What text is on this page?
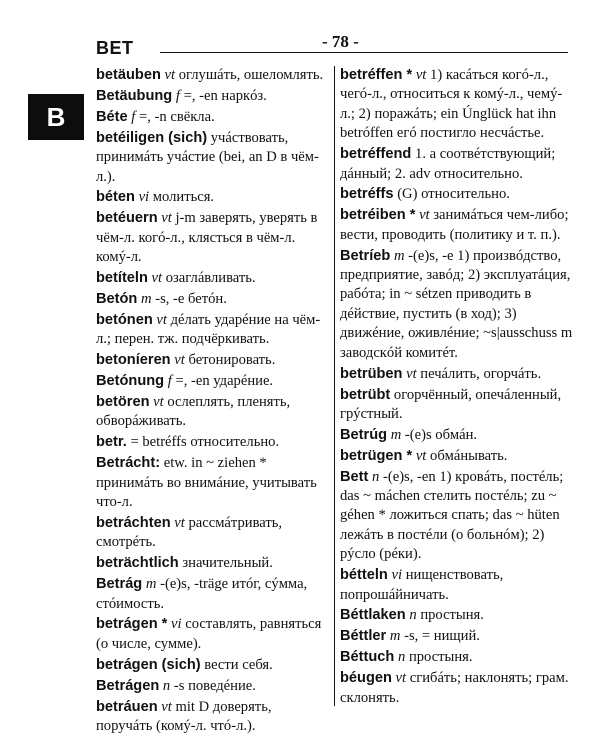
BET	- 78 -
B
betäuben vt оглушáть, ошеломлять.
Betäubung f =, -en наркóз.
Béte f =, -n свёкла.
betéiligen (sich) учáствовать, принимáть учáстие (bei, an D в чём-л.).
béten vi молиться.
betéuern vt j-m заверять, уверять в чём-л. когó-л., клясться в чём-л. комý-л.
betíteln vt озаглáвливать.
Betón m -s, -е бетóн.
betónen vt дéлать ударéние на чём-л.; перен. тж. подчёркивать.
betoníeren vt бетонировать.
Betónung f =, -en ударéние.
betören vt ослеплять, пленять, обвoрáживать.
betr. = betréffs относительно.
Betrácht: etw. in ~ ziehen * принимáть во внимáние, учитывать что-л.
betráchten vt рассмáтривать, смотрéть.
beträchtlich значительный.
Betrág m -(e)s, -träge итóг, сýмма, стóимость.
betrágen * vi составлять, равняться (о числе, сумме).
betrágen (sich) вести себя.
Betrágen n -s поведéние.
betráuen vt mit D доверять, поручáть (комý-л. чтó-л.).
betréffen * vt 1) касáться когó-л., чегó-л., относиться к комý-л., чемý-л.; 2) поражáть; ein Únglück hat ihn betróffen егó постиглo несчáстье.
betréffend 1. а соотвéтствующий; дáнный; 2. adv относительно.
betréffs (G) относительно.
betréiben * vt занимáться чем-либо; вести, проводить (политику и т. п.).
Betríeb m -(e)s, -е 1) произвóдство, предприятие, завóд; 2) эксплуатáция, рабóта; in ~ sétzen приводить в дéйствие, пустить (в ход); 3) движéние, оживлéние; ~s|ausschuss m заводскóй комитéт.
betrüben vt печáлить, огорчáть.
betrübt огорчённый, опечáленный, грýстный.
Betrúg m -(e)s обмáн.
betrügen * vt обмáнывать.
Bett n -(e)s, -en 1) кровáть, постéль; das ~ máchen стелить постéль; zu ~ géhen * ложиться спать; das ~ hüten лежáть в постéли (о больнóм); 2) рýсло (рéки).
bétteln vi нищенствовать, попрошáйничать.
Béttlaken n простыня.
Béttler m -s, = нищий.
Béttuch n простыня.
béugen vt сгибáть; наклонять; грам. склонять.
